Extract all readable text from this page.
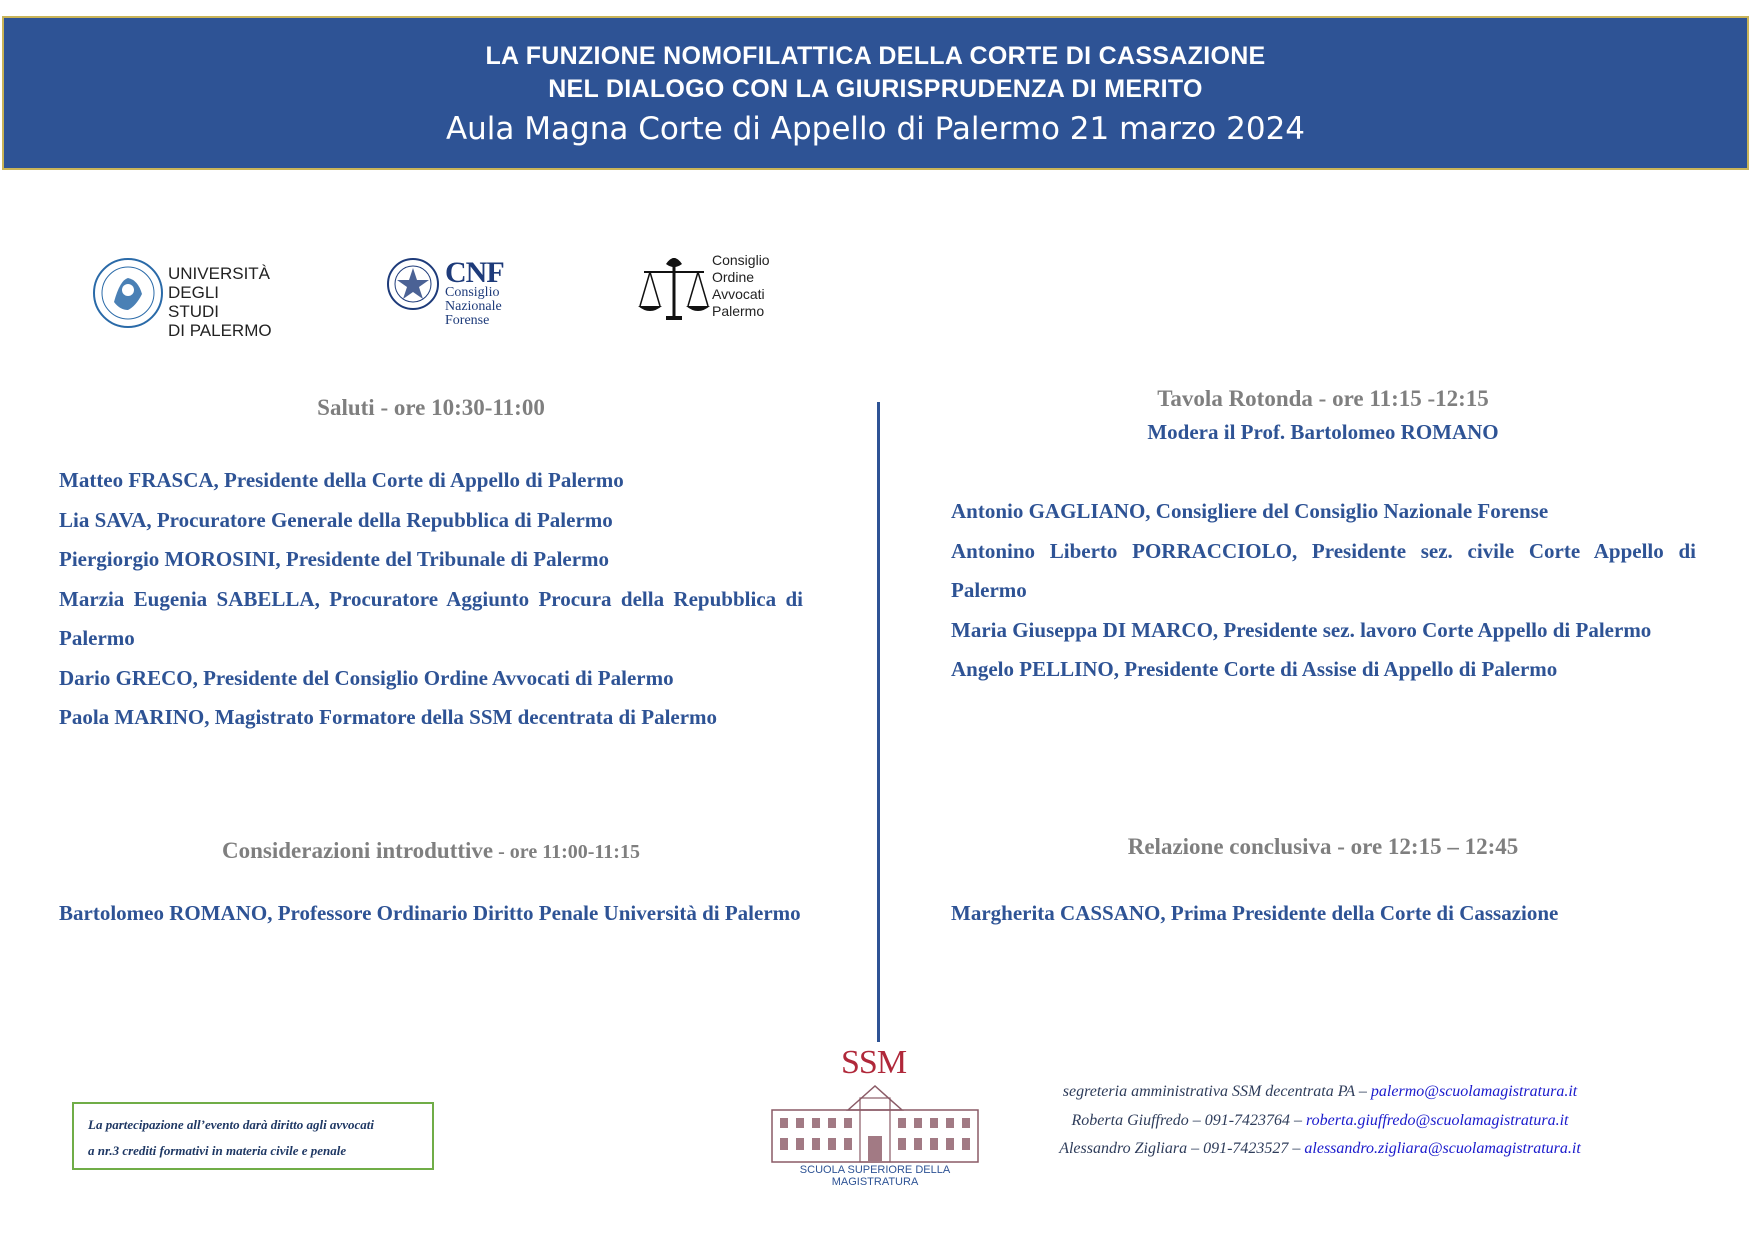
LA FUNZIONE NOMOFILATTICA DELLA CORTE DI CASSAZIONE
NEL DIALOGO CON LA GIURISPRUDENZA DI MERITO
Aula Magna Corte di Appello di Palermo 21 marzo 2024
UNIVERSITÀ
DEGLI STUDI
DI PALERMO
CNF
Consiglio
Nazionale
Forense
Consiglio
Ordine
Avvocati
Palermo
Saluti - ore 10:30-11:00

Matteo FRASCA, Presidente della Corte di Appello di Palermo

Lia SAVA, Procuratore Generale della Repubblica di Palermo

Piergiorgio MOROSINI, Presidente del Tribunale di Palermo

Marzia Eugenia SABELLA, Procuratore Aggiunto Procura della Repubblica di Palermo

Dario GRECO, Presidente del Consiglio Ordine Avvocati di Palermo

Paola MARINO, Magistrato Formatore della SSM decentrata di Palermo

Considerazioni introduttive - ore 11:00-11:15

Bartolomeo ROMANO, Professore Ordinario Diritto Penale Università di Palermo

Tavola Rotonda - ore 11:15 -12:15
Modera il Prof. Bartolomeo ROMANO

Antonio GAGLIANO, Consigliere del Consiglio Nazionale Forense

Antonino Liberto PORRACCIOLO, Presidente sez. civile Corte Appello di Palermo

Maria Giuseppa DI MARCO, Presidente sez. lavoro Corte Appello di Palermo

Angelo PELLINO, Presidente Corte di Assise di Appello di Palermo

Relazione conclusiva - ore 12:15 – 12:45

Margherita CASSANO, Prima Presidente della Corte di Cassazione

La partecipazione all’evento darà diritto agli avvocati
a nr.3 crediti formativi in materia civile e penale
SSM
SCUOLA SUPERIORE DELLA MAGISTRATURA
segreteria amministrativa SSM decentrata PA – palermo@scuolamagistratura.it
Roberta Giuffredo – 091-7423764 – roberta.giuffredo@scuolamagistratura.it
Alessandro Zigliara – 091-7423527 – alessandro.zigliara@scuolamagistratura.it
